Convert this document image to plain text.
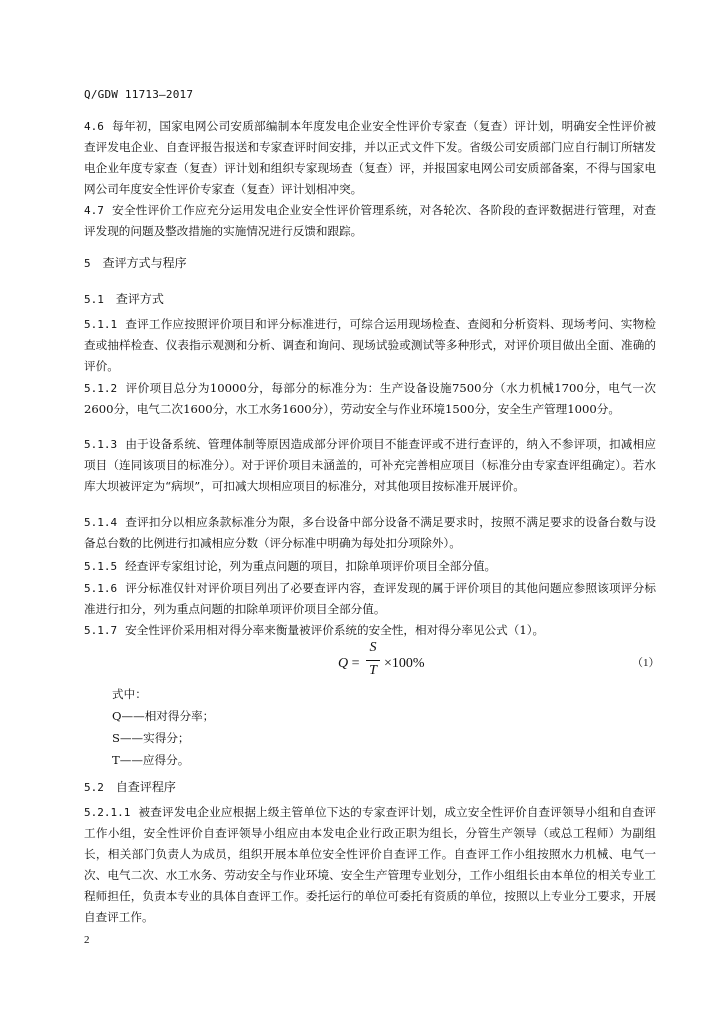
Q/GDW 11713—2017
4.6 每年初，国家电网公司安质部编制本年度发电企业安全性评价专家查（复查）评计划，明确安全性评价被查评发电企业、自查评报告报送和专家查评时间安排，并以正式文件下发。省级公司安质部门应自行制订所辖发电企业年度专家查（复查）评计划和组织专家现场查（复查）评，并报国家电网公司安质部备案，不得与国家电网公司年度安全性评价专家查（复查）评计划相冲突。
4.7 安全性评价工作应充分运用发电企业安全性评价管理系统，对各轮次、各阶段的查评数据进行管理，对查评发现的问题及整改措施的实施情况进行反馈和跟踪。
5 查评方式与程序
5.1 查评方式
5.1.1 查评工作应按照评价项目和评分标准进行，可综合运用现场检查、查阅和分析资料、现场考问、实物检查或抽样检查、仪表指示观测和分析、调查和询问、现场试验或测试等多种形式，对评价项目做出全面、准确的评价。
5.1.2 评价项目总分为10000分，每部分的标准分为：生产设备设施7500分（水力机械1700分，电气一次2600分，电气二次1600分，水工水务1600分），劳动安全与作业环境1500分，安全生产管理1000分。
5.1.3 由于设备系统、管理体制等原因造成部分评价项目不能查评或不进行查评的，纳入不参评项，扣减相应项目（连同该项目的标准分）。对于评价项目未涵盖的，可补充完善相应项目（标准分由专家查评组确定）。若水库大坝被评定为“病坝”，可扣减大坝相应项目的标准分，对其他项目按标准开展评价。
5.1.4 查评扣分以相应条款标准分为限，多台设备中部分设备不满足要求时，按照不满足要求的设备台数与设备总台数的比例进行扣减相应分数（评分标准中明确为每处扣分项除外）。
5.1.5 经查评专家组讨论，列为重点问题的项目，扣除单项评价项目全部分值。
5.1.6 评分标准仅针对评价项目列出了必要查评内容，查评发现的属于评价项目的其他问题应参照该项评分标准进行扣分，列为重点问题的扣除单项评价项目全部分值。
5.1.7 安全性评价采用相对得分率来衡量被评价系统的安全性，相对得分率见公式（1）。
Q =
S
T ×100%	（1）
式中：
Q——相对得分率；
S——实得分；
T——应得分。
5.2 自查评程序
5.2.1.1 被查评发电企业应根据上级主管单位下达的专家查评计划，成立安全性评价自查评领导小组和自查评工作小组，安全性评价自查评领导小组应由本发电企业行政正职为组长，分管生产领导（或总工程师）为副组长，相关部门负责人为成员，组织开展本单位安全性评价自查评工作。自查评工作小组按照水力机械、电气一次、电气二次、水工水务、劳动安全与作业环境、安全生产管理专业划分，工作小组组长由本单位的相关专业工程师担任，负责本专业的具体自查评工作。委托运行的单位可委托有资质的单位，按照以上专业分工要求，开展自查评工作。
2
